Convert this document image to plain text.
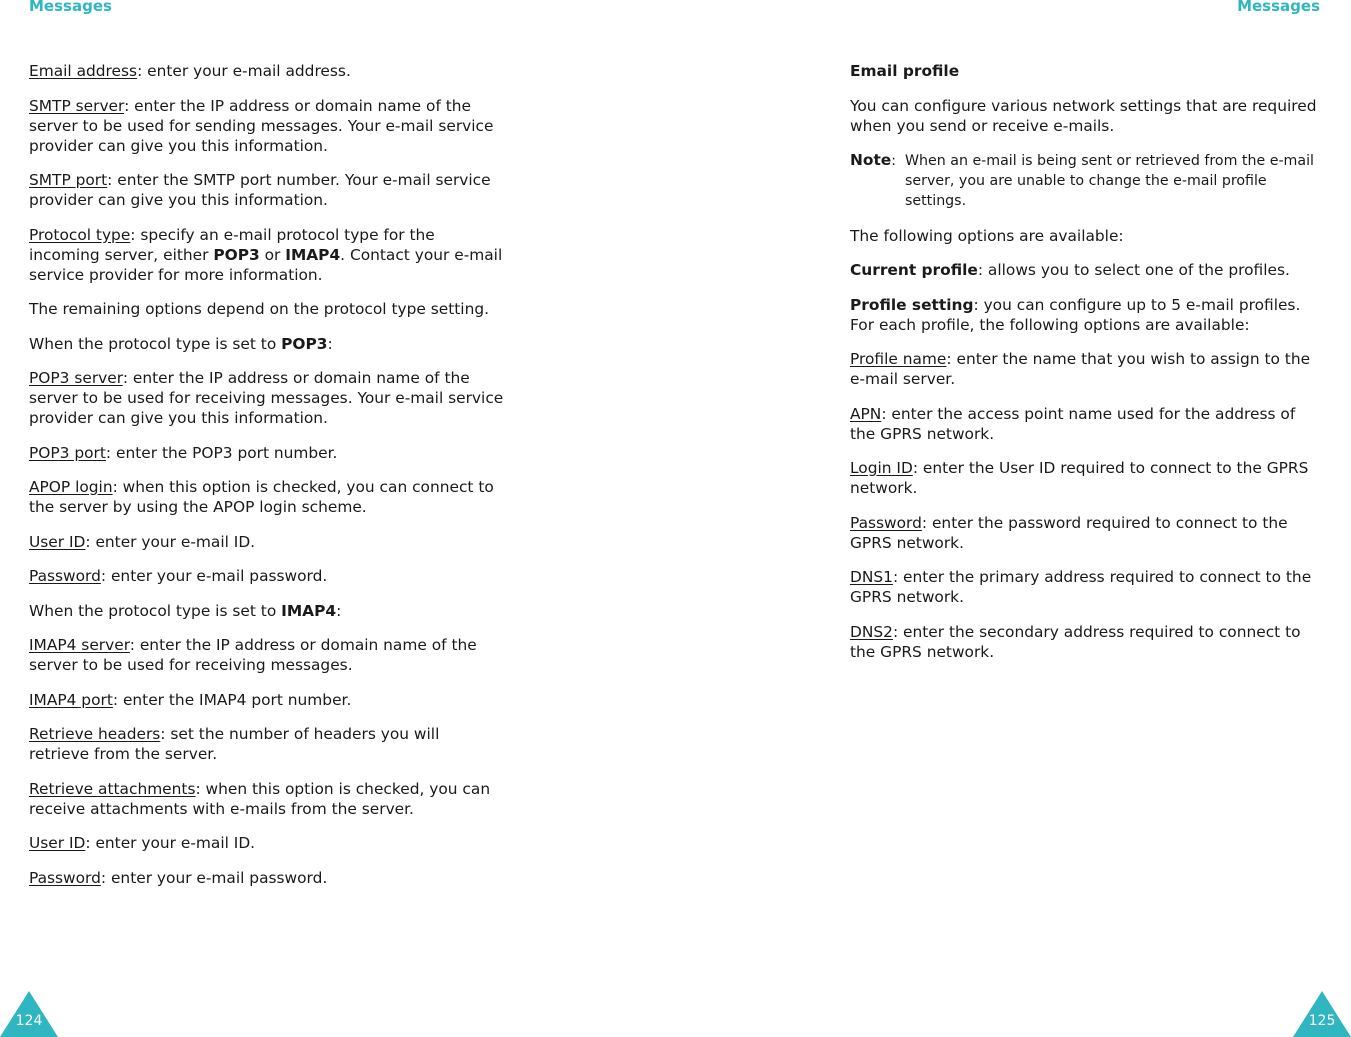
Messages	Messages

Email address: enter your e-mail address.

SMTP server: enter the IP address or domain name of the server to be used for sending messages. Your e-mail service provider can give you this information.

SMTP port: enter the SMTP port number. Your e-mail service provider can give you this information.

Protocol type: specify an e-mail protocol type for the incoming server, either POP3 or IMAP4. Contact your e-mail service provider for more information.

The remaining options depend on the protocol type setting.

When the protocol type is set to POP3:

POP3 server: enter the IP address or domain name of the server to be used for receiving messages. Your e-mail service provider can give you this information.

POP3 port: enter the POP3 port number.

APOP login: when this option is checked, you can connect to the server by using the APOP login scheme.

User ID: enter your e-mail ID.

Password: enter your e-mail password.

When the protocol type is set to IMAP4:

IMAP4 server: enter the IP address or domain name of the server to be used for receiving messages.

IMAP4 port: enter the IMAP4 port number.

Retrieve headers: set the number of headers you will retrieve from the server.

Retrieve attachments: when this option is checked, you can receive attachments with e-mails from the server.

User ID: enter your e-mail ID.

Password: enter your e-mail password.

Email profile

You can configure various network settings that are required when you send or receive e-mails.

Note: When an e-mail is being sent or retrieved from the e-mail server, you are unable to change the e-mail profile settings.

The following options are available:

Current profile: allows you to select one of the profiles.

Profile setting: you can configure up to 5 e-mail profiles. For each profile, the following options are available:

Profile name: enter the name that you wish to assign to the e-mail server.

APN: enter the access point name used for the address of the GPRS network.

Login ID: enter the User ID required to connect to the GPRS network.

Password: enter the password required to connect to the GPRS network.

DNS1: enter the primary address required to connect to the GPRS network.

DNS2: enter the secondary address required to connect to the GPRS network.

124	125
